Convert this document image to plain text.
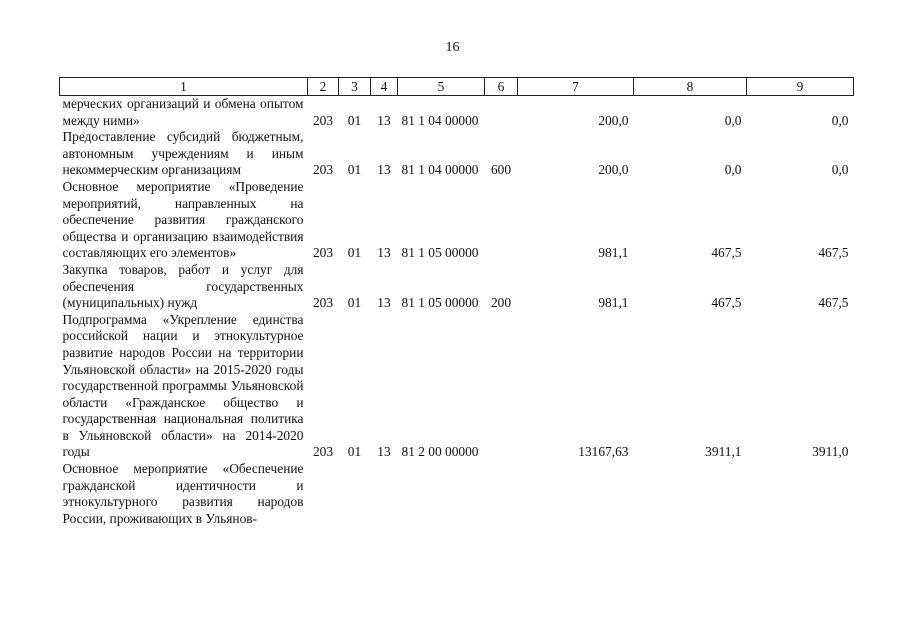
16
1	2	3	4	5	6	7	8	9
мерческих организаций и обмена опытом между ними»	203	01	13	81 1 04 00000		200,0	0,0	0,0
Предоставление субсидий бюджетным, автономным учреждениям и иным некоммерческим организациям	203	01	13	81 1 04 00000	600	200,0	0,0	0,0
Основное мероприятие «Проведение мероприятий, направленных на обеспечение развития гражданского общества и организацию взаимодействия составляющих его элементов»	203	01	13	81 1 05 00000		981,1	467,5	467,5
Закупка товаров, работ и услуг для обеспечения государственных (муниципальных) нужд	203	01	13	81 1 05 00000	200	981,1	467,5	467,5
Подпрограмма «Укрепление единства российской нации и этнокультурное развитие народов России на территории Ульяновской области» на 2015-2020 годы государственной программы Ульяновской области «Гражданское общество и государственная национальная политика в Ульяновской области» на 2014-2020 годы	203	01	13	81 2 00 00000		13167,63	3911,1	3911,0
Основное мероприятие «Обеспечение гражданской идентичности и этнокультурного развития народов России, проживающих в Ульянов-								
